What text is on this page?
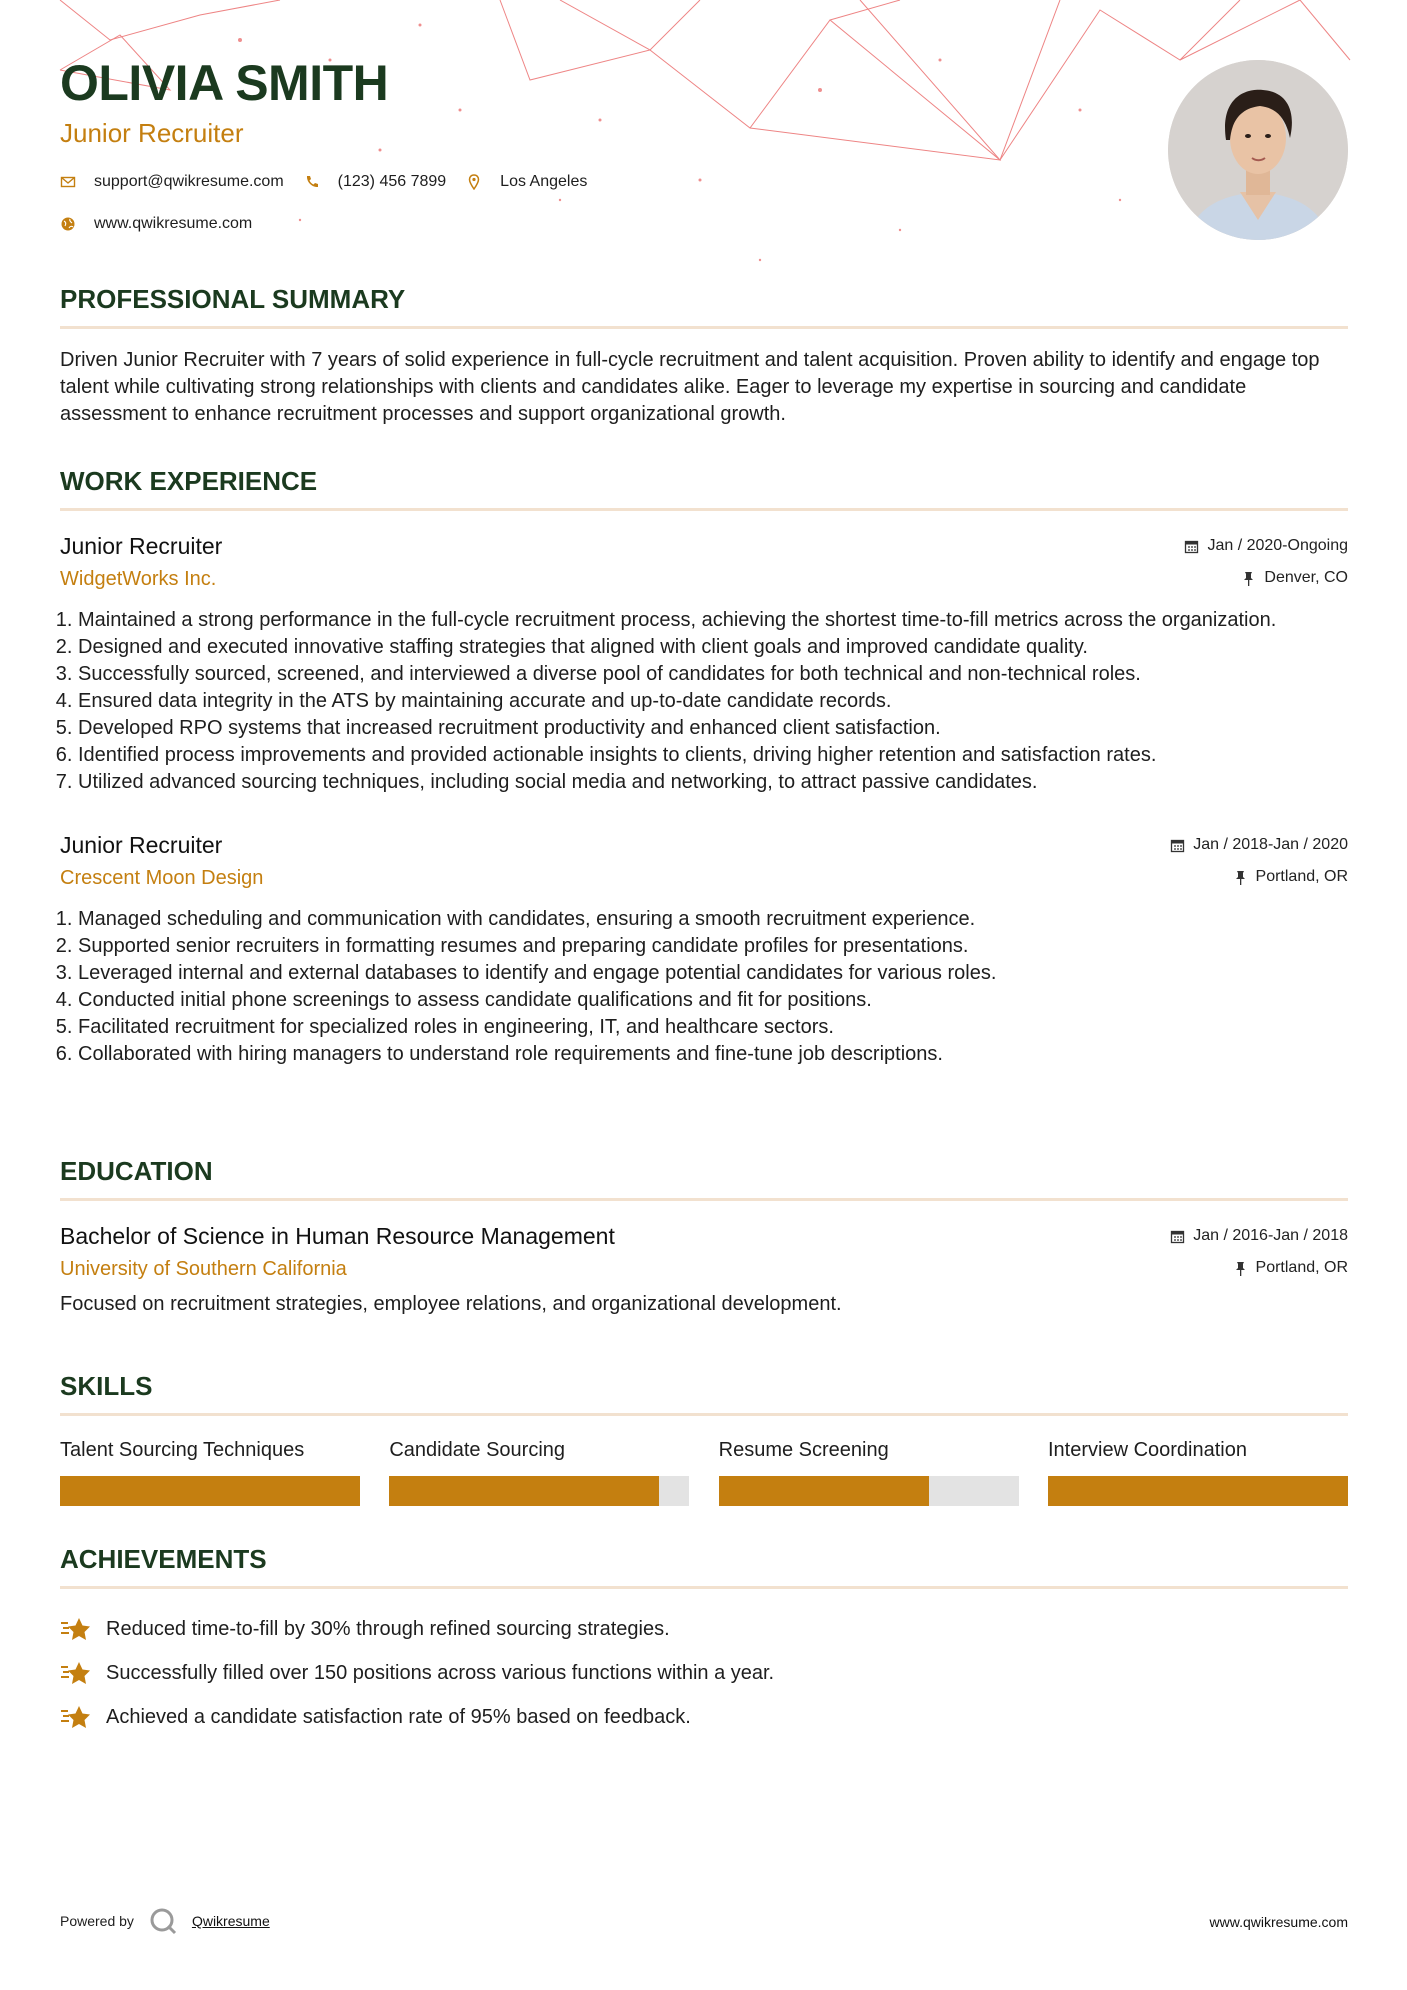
OLIVIA SMITH
Junior Recruiter
support@qwikresume.com	(123) 456 7899	Los Angeles
www.qwikresume.com
PROFESSIONAL SUMMARY

Driven Junior Recruiter with 7 years of solid experience in full-cycle recruitment and talent acquisition. Proven ability to identify and engage top talent while cultivating strong relationships with clients and candidates alike. Eager to leverage my expertise in sourcing and candidate assessment to enhance recruitment processes and support organizational growth.

WORK EXPERIENCE
Junior Recruiter
WidgetWorks Inc.
Jan / 2020-Ongoing
Denver, CO
1. Maintained a strong performance in the full-cycle recruitment process, achieving the shortest time-to-fill metrics across the organization.
2. Designed and executed innovative staffing strategies that aligned with client goals and improved candidate quality.
3. Successfully sourced, screened, and interviewed a diverse pool of candidates for both technical and non-technical roles.
4. Ensured data integrity in the ATS by maintaining accurate and up-to-date candidate records.
5. Developed RPO systems that increased recruitment productivity and enhanced client satisfaction.
6. Identified process improvements and provided actionable insights to clients, driving higher retention and satisfaction rates.
7. Utilized advanced sourcing techniques, including social media and networking, to attract passive candidates.
Junior Recruiter
Crescent Moon Design
Jan / 2018-Jan / 2020
Portland, OR
1. Managed scheduling and communication with candidates, ensuring a smooth recruitment experience.
2. Supported senior recruiters in formatting resumes and preparing candidate profiles for presentations.
3. Leveraged internal and external databases to identify and engage potential candidates for various roles.
4. Conducted initial phone screenings to assess candidate qualifications and fit for positions.
5. Facilitated recruitment for specialized roles in engineering, IT, and healthcare sectors.
6. Collaborated with hiring managers to understand role requirements and fine-tune job descriptions.
EDUCATION
Bachelor of Science in Human Resource Management
University of Southern California
Jan / 2016-Jan / 2018
Portland, OR

Focused on recruitment strategies, employee relations, and organizational development.

SKILLS
Talent Sourcing Techniques	Candidate Sourcing	Resume Screening	Interview Coordination
ACHIEVEMENTS
Reduced time-to-fill by 30% through refined sourcing strategies.
Successfully filled over 150 positions across various functions within a year.
Achieved a candidate satisfaction rate of 95% based on feedback.
Powered by	Qwikresume	www.qwikresume.com
